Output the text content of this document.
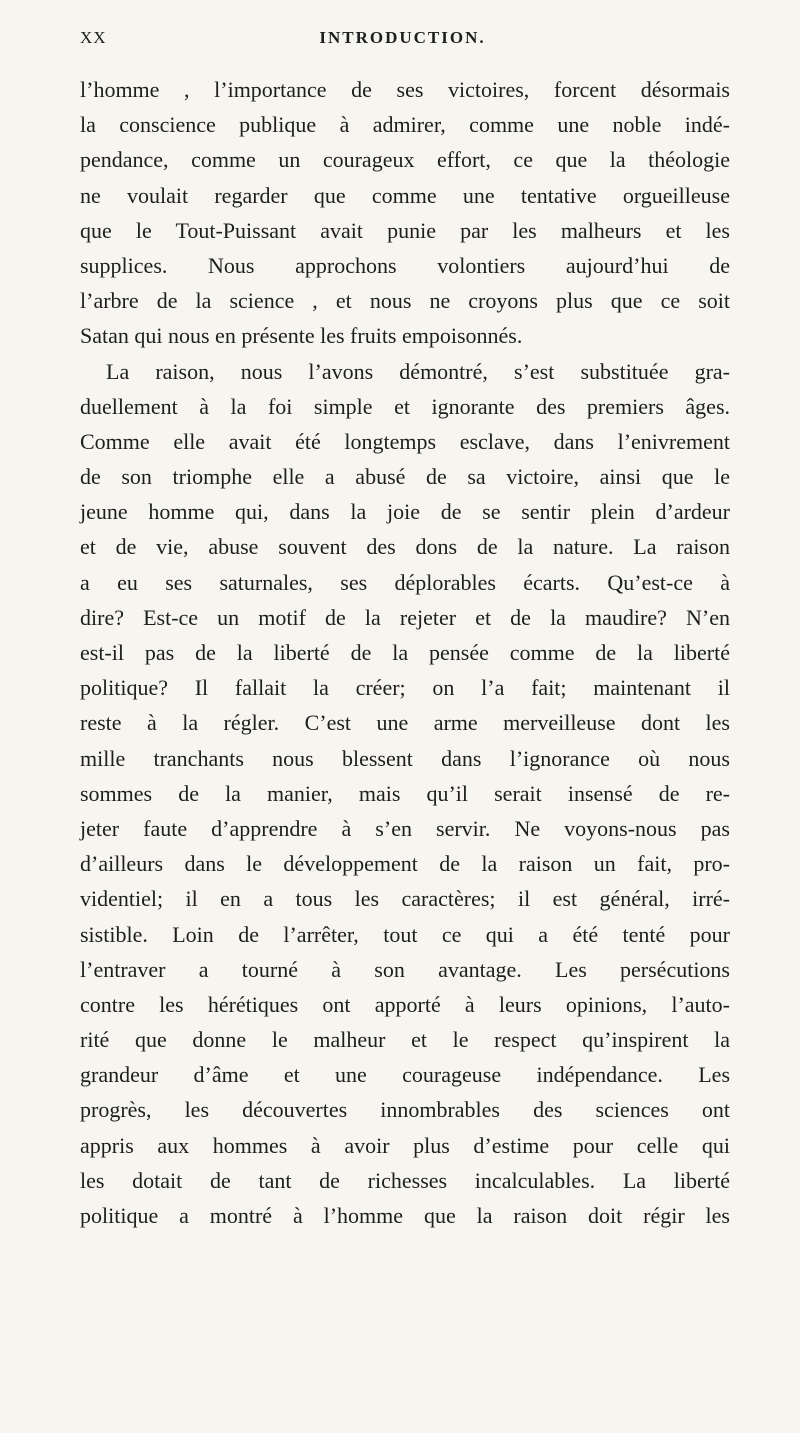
XX	INTRODUCTION.
l’homme , l’importance de ses victoires, forcent désormais
la conscience publique à admirer, comme une noble indé-
pendance, comme un courageux effort, ce que la théologie
ne voulait regarder que comme une tentative orgueilleuse
que le Tout-Puissant avait punie par les malheurs et les
supplices. Nous approchons volontiers aujourd’hui de
l’arbre de la science , et nous ne croyons plus que ce soit
Satan qui nous en présente les fruits empoisonnés.
La raison, nous l’avons démontré, s’est substituée gra-
duellement à la foi simple et ignorante des premiers âges.
Comme elle avait été longtemps esclave, dans l’enivrement
de son triomphe elle a abusé de sa victoire, ainsi que le
jeune homme qui, dans la joie de se sentir plein d’ardeur
et de vie, abuse souvent des dons de la nature. La raison
a eu ses saturnales, ses déplorables écarts. Qu’est-ce à
dire? Est-ce un motif de la rejeter et de la maudire? N’en
est-il pas de la liberté de la pensée comme de la liberté
politique? Il fallait la créer; on l’a fait; maintenant il
reste à la régler. C’est une arme merveilleuse dont les
mille tranchants nous blessent dans l’ignorance où nous
sommes de la manier, mais qu’il serait insensé de re-
jeter faute d’apprendre à s’en servir. Ne voyons-nous pas
d’ailleurs dans le développement de la raison un fait, pro-
videntiel; il en a tous les caractères; il est général, irré-
sistible. Loin de l’arrêter, tout ce qui a été tenté pour
l’entraver a tourné à son avantage. Les persécutions
contre les hérétiques ont apporté à leurs opinions, l’auto-
rité que donne le malheur et le respect qu’inspirent la
grandeur d’âme et une courageuse indépendance. Les
progrès, les découvertes innombrables des sciences ont
appris aux hommes à avoir plus d’estime pour celle qui
les dotait de tant de richesses incalculables. La liberté
politique a montré à l’homme que la raison doit régir les
